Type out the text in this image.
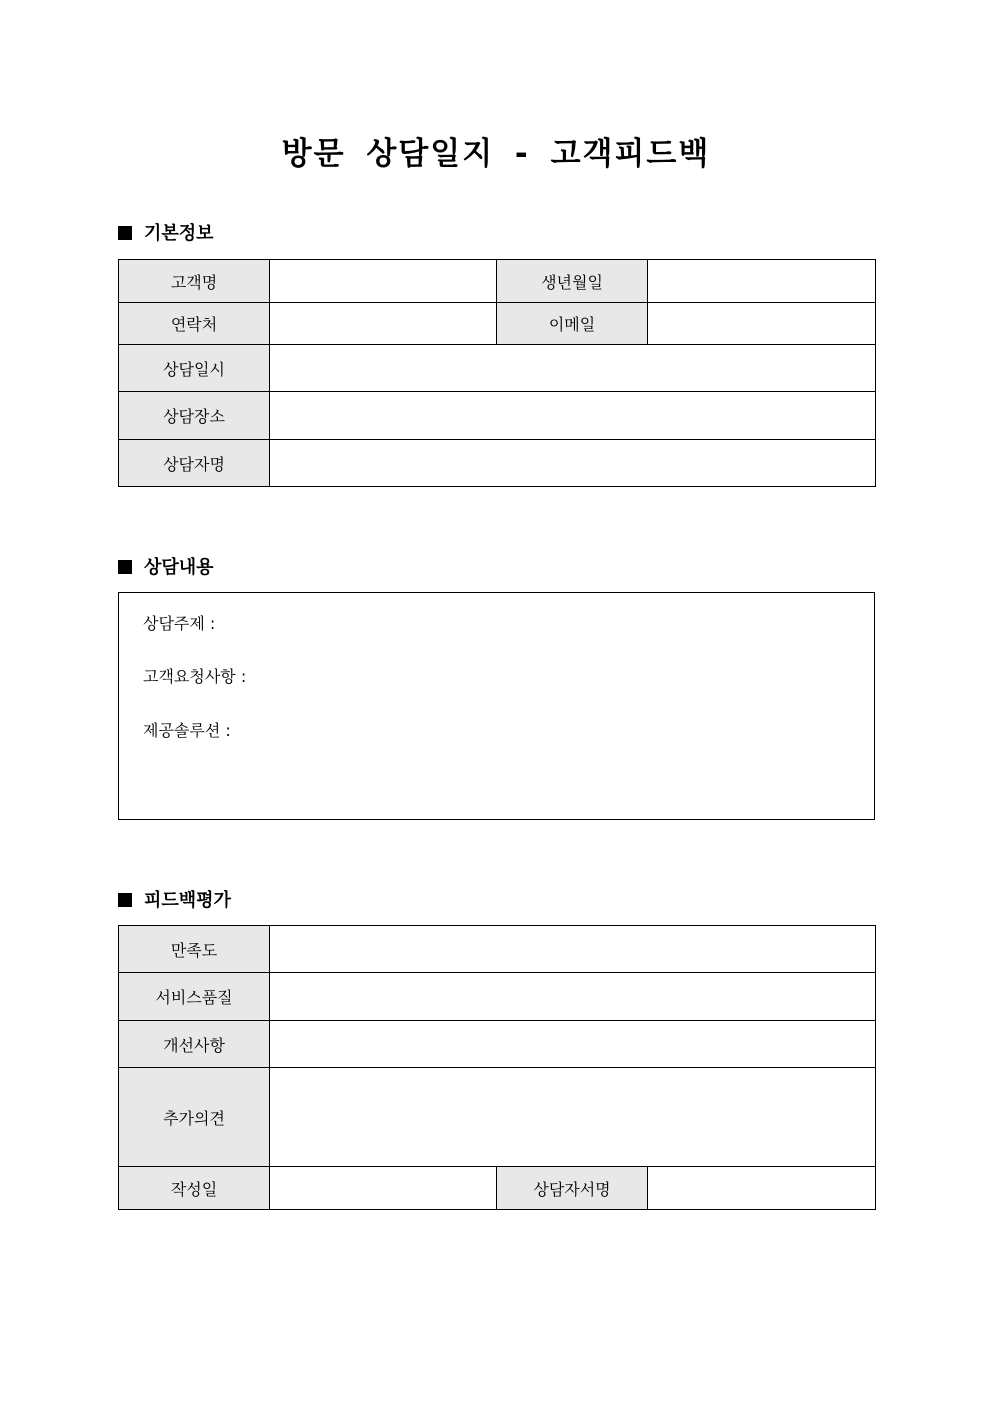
방문 상담일지 - 고객피드백
기본정보
고객명		생년월일	
연락처		이메일	
상담일시			
상담장소			
상담자명			
상담내용
상담주제 :
고객요청사항 :
제공솔루션 :
피드백평가
만족도			
서비스품질			
개선사항			
추가의견			
작성일		상담자서명	
